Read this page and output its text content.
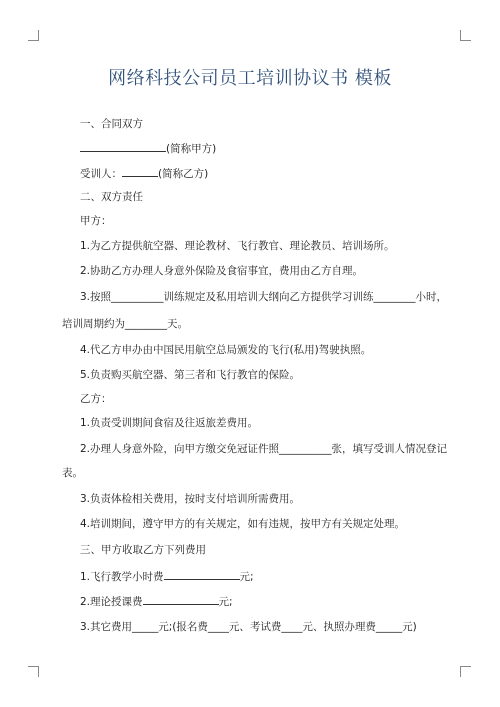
网络科技公司员工培训协议书 模板
一、合同双方
(简称甲方)
受训人：	(简称乙方)
二、双方责任
甲方：
1.为乙方提供航空器、理论教材、飞行教官、理论教员、培训场所。
2.协助乙方办理人身意外保险及食宿事宜，费用由乙方自理。
3.按照__________训练规定及私用培训大纲向乙方提供学习训练________小时，
培训周期约为________天。
4.代乙方申办由中国民用航空总局颁发的飞行(私用)驾驶执照。
5.负责购买航空器、第三者和飞行教官的保险。
乙方：
1.负责受训期间食宿及往返旅差费用。
2.办理人身意外险，向甲方缴交免冠证件照__________张，填写受训人情况登记
表。
3.负责体检相关费用，按时支付培训所需费用。
4.培训期间，遵守甲方的有关规定，如有违规，按甲方有关规定处理。
三、甲方收取乙方下列费用
1.飞行教学小时费	元;
2.理论授课费	元;
3.其它费用_____元;(报名费____元、考试费____元、执照办理费_____元)
